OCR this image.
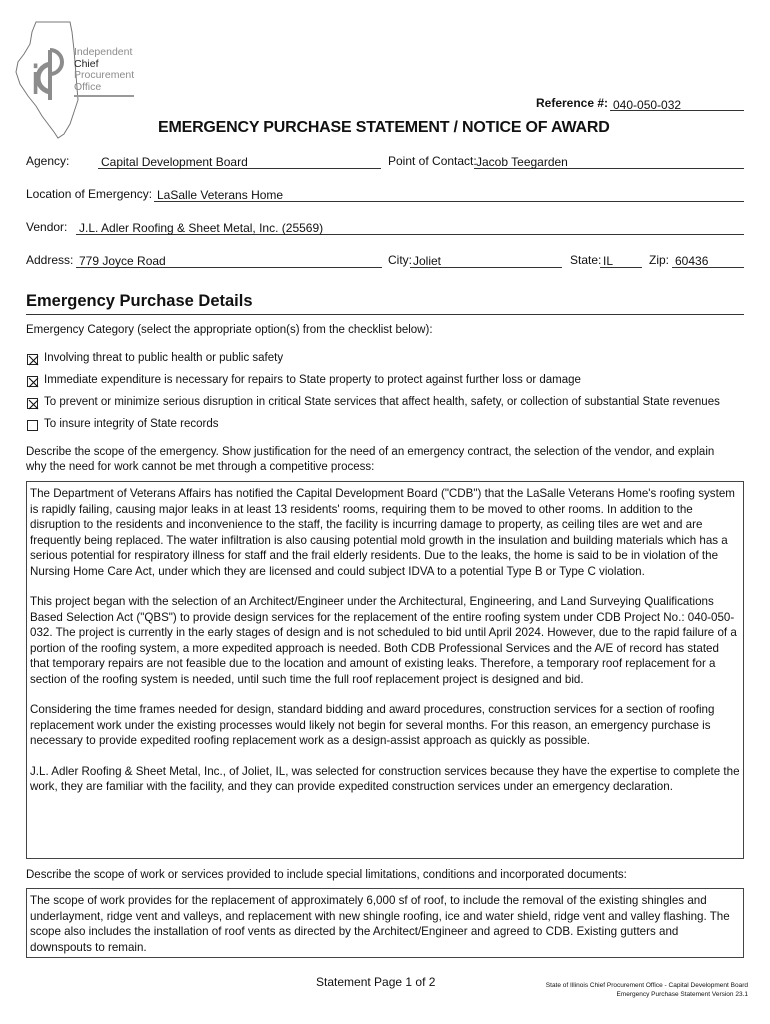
i
Independent
Chief
Procurement
Office
Reference #: 040-050-032
EMERGENCY PURCHASE STATEMENT / NOTICE OF AWARD
Agency:	Capital Development Board	Point of Contact: Jacob Teegarden
Location of Emergency: LaSalle Veterans Home
Vendor: J.L. Adler Roofing & Sheet Metal, Inc. (25569)
Address: 779 Joyce Road	City: Joliet	State: IL	Zip: 60436
Emergency Purchase Details
Emergency Category (select the appropriate option(s) from the checklist below):
Involving threat to public health or public safety
Immediate expenditure is necessary for repairs to State property to protect against further loss or damage
To prevent or minimize serious disruption in critical State services that affect health, safety, or collection of substantial State revenues
To insure integrity of State records
Describe the scope of the emergency. Show justification for the need of an emergency contract, the selection of the vendor, and explain
why the need for work cannot be met through a competitive process:

The Department of Veterans Affairs has notified the Capital Development Board ("CDB") that the LaSalle Veterans Home's roofing system is rapidly failing, causing major leaks in at least 13 residents' rooms, requiring them to be moved to other rooms. In addition to the disruption to the residents and inconvenience to the staff, the facility is incurring damage to property, as ceiling tiles are wet and are frequently being replaced. The water infiltration is also causing potential mold growth in the insulation and building materials which has a serious potential for respiratory illness for staff and the frail elderly residents. Due to the leaks, the home is said to be in violation of the Nursing Home Care Act, under which they are licensed and could subject IDVA to a potential Type B or Type C violation.

This project began with the selection of an Architect/Engineer under the Architectural, Engineering, and Land Surveying Qualifications Based Selection Act ("QBS") to provide design services for the replacement of the entire roofing system under CDB Project No.: 040-050-032. The project is currently in the early stages of design and is not scheduled to bid until April 2024. However, due to the rapid failure of a portion of the roofing system, a more expedited approach is needed. Both CDB Professional Services and the A/E of record has stated that temporary repairs are not feasible due to the location and amount of existing leaks. Therefore, a temporary roof replacement for a section of the roofing system is needed, until such time the full roof replacement project is designed and bid.

Considering the time frames needed for design, standard bidding and award procedures, construction services for a section of roofing replacement work under the existing processes would likely not begin for several months. For this reason, an emergency purchase is necessary to provide expedited roofing replacement work as a design-assist approach as quickly as possible.

J.L. Adler Roofing & Sheet Metal, Inc., of Joliet, IL, was selected for construction services because they have the expertise to complete the work, they are familiar with the facility, and they can provide expedited construction services under an emergency declaration.

Describe the scope of work or services provided to include special limitations, conditions and incorporated documents:

The scope of work provides for the replacement of approximately 6,000 sf of roof, to include the removal of the existing shingles and underlayment, ridge vent and valleys, and replacement with new shingle roofing, ice and water shield, ridge vent and valley flashing. The scope also includes the installation of roof vents as directed by the Architect/Engineer and agreed to CDB. Existing gutters and downspouts to remain.

Statement Page 1 of 2	State of Illinois Chief Procurement Office - Capital Development Board
Emergency Purchase Statement Version 23.1
